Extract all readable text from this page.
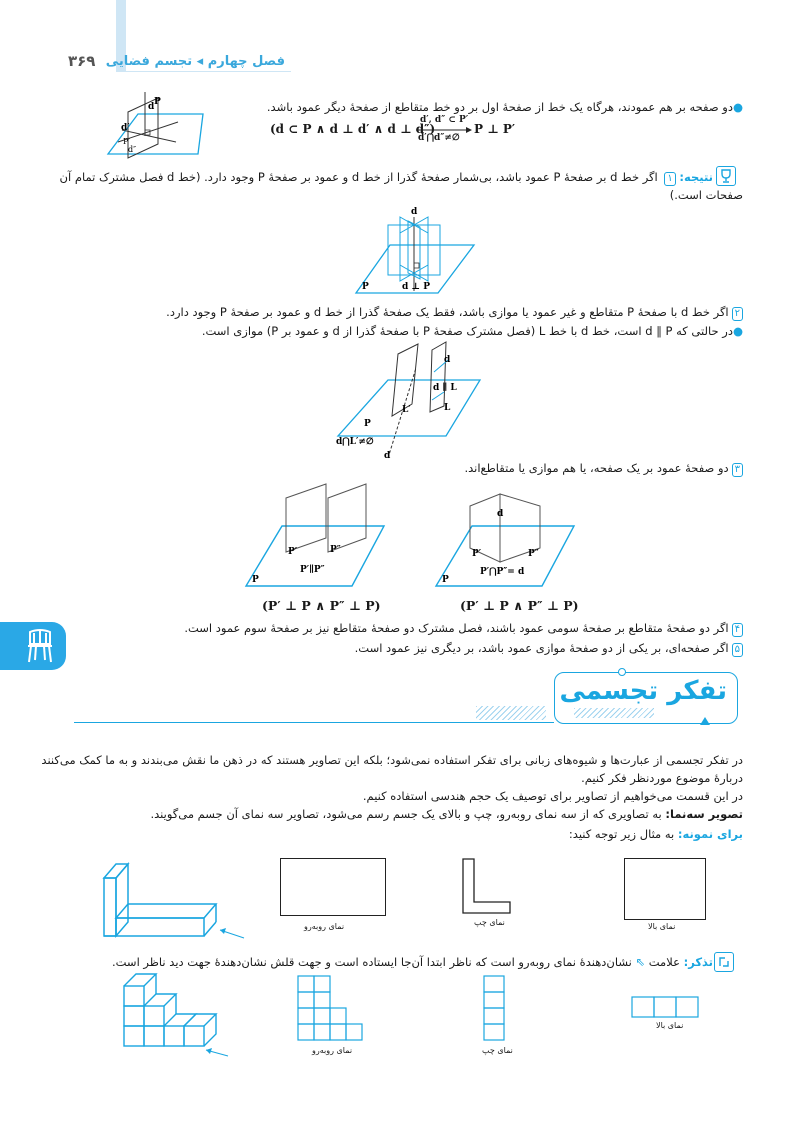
۳۶۹ فصل چهارم ◂ تجسم فضایی
d P
d′
P′
d″
●دو صفحه بر هم عمودند، هرگاه یک خط از صفحهٔ اول بر دو خط متقاطع از صفحهٔ دیگر عمود باشد.
(d ⊂ P ∧ d ⊥ d′ ∧ d ⊥ d″)
d′, d″ ⊂ P′
d′⋂d″≠∅
P ⊥ P′
نتیجه: ۱ اگر خط d بر صفحهٔ P عمود باشد، بی‌شمار صفحهٔ گذرا از خط d و عمود بر صفحهٔ P وجود دارد. (خط d فصل مشترک تمام آن
صفحات است.)
d
P	d ⊥ P
۲اگر خط d با صفحهٔ P متقاطع و غیر عمود یا موازی باشد، فقط یک صفحهٔ گذرا از خط d و عمود بر صفحهٔ P وجود دارد.
●در حالتی که d ∥ P است، خط d با خط L (فصل مشترک صفحهٔ P با صفحهٔ گذرا از d و عمود بر P) موازی است.
d
d ∥ L
L
L′
P
d⋂L′≠∅
d
۳دو صفحهٔ عمود بر یک صفحه، یا هم موازی یا متقاطع‌اند.
P′	P″
P′∥P″
P
d
P′	P″
P′⋂P″= d
P
(P′ ⊥ P ∧ P″ ⊥ P)	(P′ ⊥ P ∧ P″ ⊥ P)
۴اگر دو صفحهٔ متقاطع بر صفحهٔ سومی عمود باشند، فصل مشترک دو صفحهٔ متقاطع نیز بر صفحهٔ سوم عمود است.
۵اگر صفحه‌ای، بر یکی از دو صفحهٔ موازی عمود باشد، بر دیگری نیز عمود است.
تفکر تجسمی
در تفکر تجسمی از عبارت‌ها و شیوه‌های زبانی برای تفکر استفاده نمی‌شود؛ بلکه این تصاویر هستند که در ذهن ما نقش می‌بندند و به ما کمک می‌کنند
دربارهٔ موضوع موردنظر فکر کنیم.
در این قسمت می‌خواهیم از تصاویر برای توصیف یک حجم هندسی استفاده کنیم.
تصویر سه‌نما: به تصاویری که از سه نمای روبه‌رو، چپ و بالای یک جسم رسم می‌شود، تصاویر سه نمای آن جسم می‌گویند.
برای نمونه: به مثال زیر توجه کنید:
نمای روبه‌رو	نمای چپ	نمای بالا
تذکر: علامت ⇖ نشان‌دهندهٔ نمای روبه‌رو است که ناظر ابتدا آن‌جا ایستاده است و جهت قلش نشان‌دهندهٔ جهت دید ناظر است.
نمای روبه‌رو	نمای چپ
نمای بالا
